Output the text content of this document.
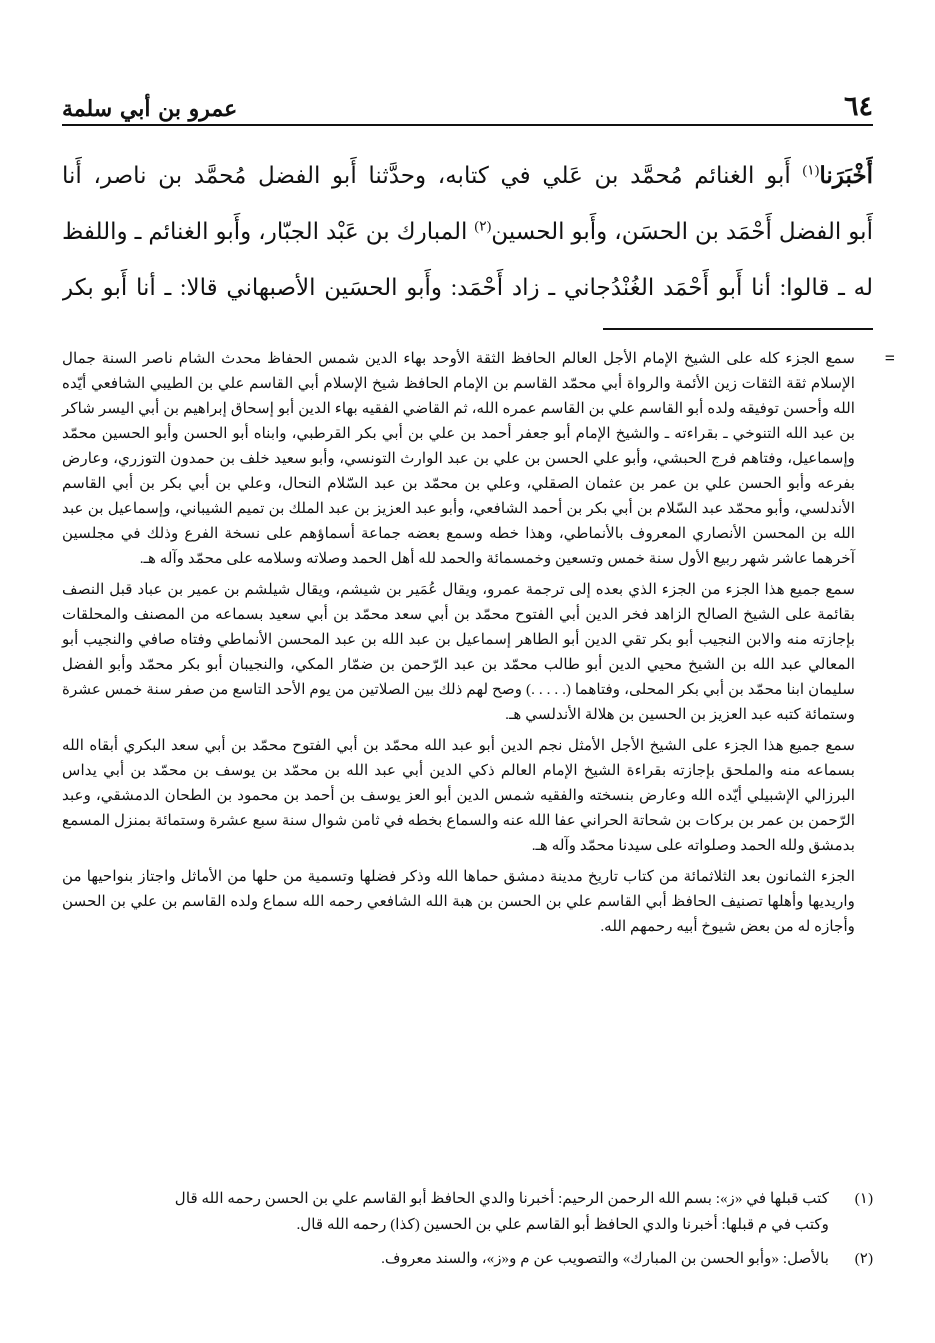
٦٤
عمرو بن أبي سلمة
أَخْبَرَنا$^{(١)}$ أَبو الغنائم مُحمَّد بن عَلي في كتابه، وحدَّثنا أَبو الفضل مُحمَّد بن ناصر، أَنا
أَبو الفضل أَحْمَد بن الحسَن، وأَبو الحسين$^{(٢)}$ المبارك بن عَبْد الجبّار، وأَبو الغنائم ـ واللفظ
له ـ قالوا: أنا أَبو أَحْمَد الغُنْدُجاني ـ زاد أَحْمَد: وأَبو الحسَين الأصبهاني قالا: ـ أنا أَبو بكر
=

سمع الجزء كله على الشيخ الإمام الأجل العالم الحافظ الثقة الأوحد بهاء الدين شمس الحفاظ محدث الشام ناصر السنة جمال الإسلام ثقة الثقات زين الأئمة والرواة أبي محمّد القاسم بن الإمام الحافظ شيخ الإسلام أبي القاسم علي بن الطيبي الشافعي أيّده الله وأحسن توفيقه ولده أبو القاسم علي بن القاسم عمره الله، ثم القاضي الفقيه بهاء الدين أبو إسحاق إبراهيم بن أبي اليسر شاكر بن عبد الله التنوخي ـ بقراءته ـ والشيخ الإمام أبو جعفر أحمد بن علي بن أبي بكر القرطبي، وابناه أبو الحسن وأبو الحسين محمّد وإسماعيل، وفتاهم فرج الحبشي، وأبو علي الحسن بن علي بن عبد الوارث التونسي، وأبو سعيد خلف بن حمدون التوزري، وعارض بفرعه وأبو الحسن علي بن عمر بن عثمان الصقلي، وعلي بن محمّد بن عبد السّلام النحال، وعلي بن أبي بكر بن أبي القاسم الأندلسي، وأبو محمّد عبد السّلام بن أبي بكر بن أحمد الشافعي، وأبو عبد العزيز بن عبد الملك بن تميم الشيباني، وإسماعيل بن عبد الله بن المحسن الأنصاري المعروف بالأنماطي، وهذا خطه وسمع بعضه جماعة أسماؤهم على نسخة الفرع وذلك في مجلسين آخرهما عاشر شهر ربيع الأول سنة خمس وتسعين وخمسمائة والحمد لله أهل الحمد وصلاته وسلامه على محمّد وآله هـ.

سمع جميع هذا الجزء من الجزء الذي بعده إلى ترجمة عمرو، ويقال عُمَير بن شيشم، ويقال شيلشم بن عمير بن عباد قبل النصف بقائمة على الشيخ الصالح الزاهد فخر الدين أبي الفتوح محمّد بن أبي سعد محمّد بن أبي سعيد بسماعه من المصنف والمحلقات بإجازته منه والابن النجيب أبو بكر تقي الدين أبو الطاهر إسماعيل بن عبد الله بن عبد المحسن الأنماطي وفتاه صافي والنجيب أبو المعالي عبد الله بن الشيخ محيي الدين أبو طالب محمّد بن عبد الرّحمن بن ضمّار المكي، والنجيبان أبو بكر محمّد وأبو الفضل سليمان ابنا محمّد بن أبي بكر المحلى، وفتاهما (. . . . .) وصح لهم ذلك بين الصلاتين من يوم الأحد التاسع من صفر سنة خمس عشرة وستمائة كتبه عبد العزيز بن الحسين بن هلالة الأندلسي هـ.

سمع جميع هذا الجزء على الشيخ الأجل الأمثل نجم الدين أبو عبد الله محمّد بن أبي الفتوح محمّد بن أبي سعد البكري أبقاه الله بسماعه منه والملحق بإجازته بقراءة الشيخ الإمام العالم ذكي الدين أبي عبد الله بن محمّد بن يوسف بن محمّد بن أبي يداس البرزالي الإشبيلي أيّده الله وعارض بنسخته والفقيه شمس الدين أبو العز يوسف بن أحمد بن محمود بن الطحان الدمشقي، وعبد الرّحمن بن عمر بن بركات بن شحاتة الحراني عفا الله عنه والسماع بخطه في ثامن شوال سنة سبع عشرة وستمائة بمنزل المسمع بدمشق ولله الحمد وصلواته على سيدنا محمّد وآله هـ.

الجزء الثمانون بعد الثلاثمائة من كتاب تاريخ مدينة دمشق حماها الله وذكر فضلها وتسمية من حلها من الأماثل واجتاز بنواحيها من واريديها وأهلها تصنيف الحافظ أبي القاسم علي بن الحسن بن هبة الله الشافعي رحمه الله سماع ولده القاسم بن علي بن الحسن وأجازه له من بعض شيوخ أبيه رحمهم الله.

(١)
كتب قبلها في «ز»: بسم الله الرحمن الرحيم: أخبرنا والدي الحافظ أبو القاسم علي بن الحسن رحمه الله قال
وكتب في م قبلها: أخبرنا والدي الحافظ أبو القاسم علي بن الحسين (كذا) رحمه الله قال.
(٢)
بالأصل: «وأبو الحسن بن المبارك» والتصويب عن م و«ز»، والسند معروف.
